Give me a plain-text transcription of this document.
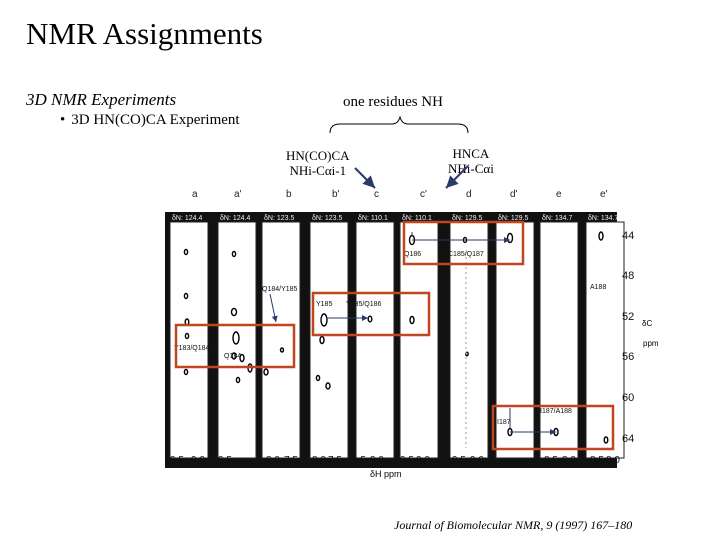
NMR Assignments
3D NMR Experiments
• 3D HN(CO)CA Experiment
one residues NH
HN(CO)CA
NHi-Cαi-1
HNCA
NHi-Cαi
Journal of Biomolecular NMR, 9 (1997) 167–180
a	a'	b	b'	c	c'	d	d'	e	e'
δN: 124.4	δN: 124.4 δN: 123.5	δN: 123.5 δN: 110.1 δN: 110.1	δN: 129.5 δN: 129.5 δN: 134.7 δN: 134.7
44
48
52
56
60
64
δC
ppm
9.5 9.0 9.5	8.0 7.5 8.0 7.5 9.5 9.0 9.5 9.0 9.5 9.0	8.5 8.0 8.5 8.0
δH ppm
Q186	C185/Q187
A188
Q184/Y185
Y185 Y185/Q186
Y183/Q184
Q184
I187/A188
I187
